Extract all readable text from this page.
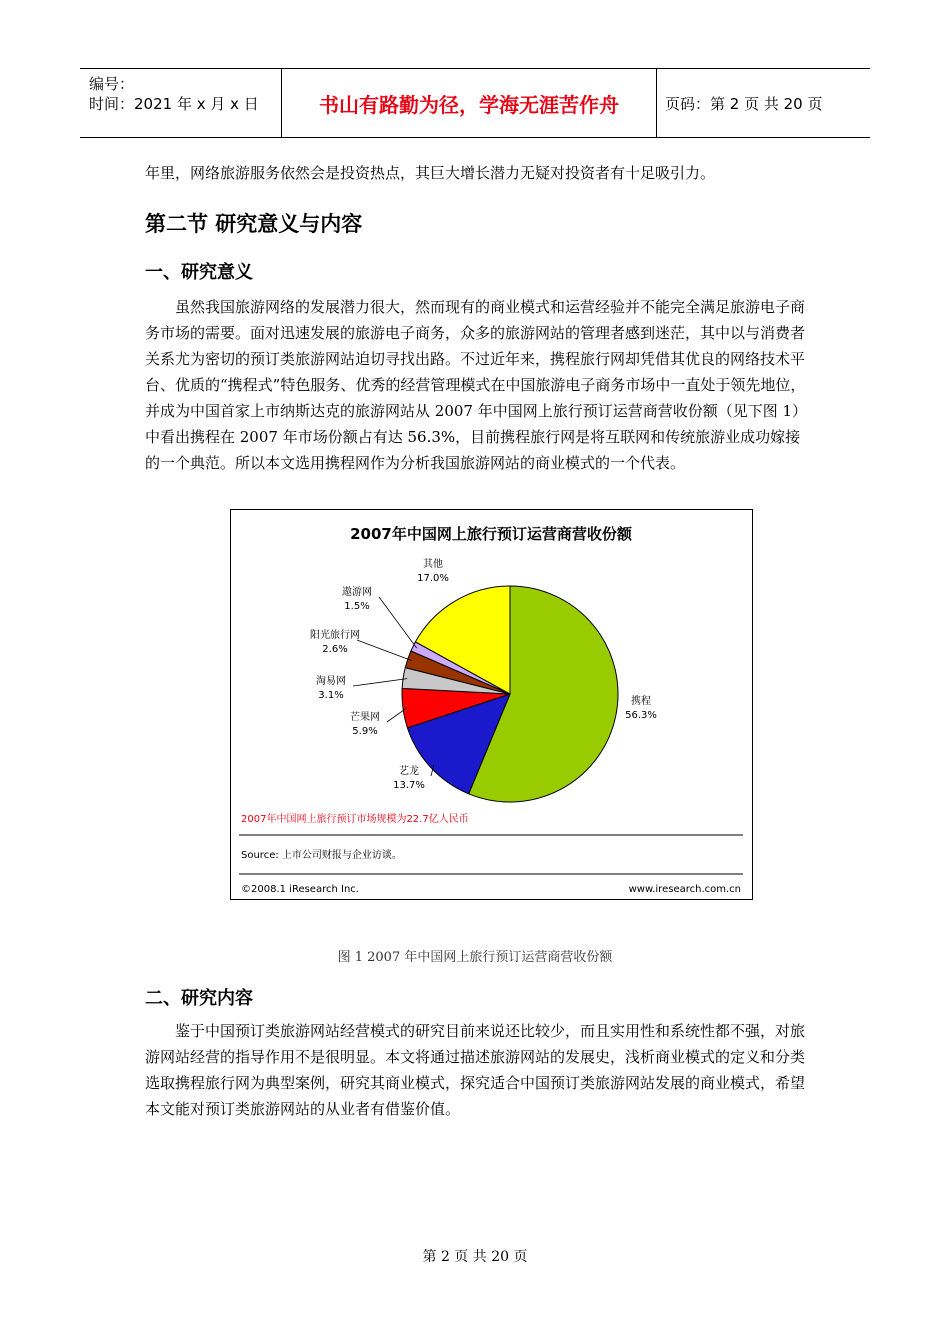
编号：
时间：2021 年 x 月 x 日	书山有路勤为径，学海无涯苦作舟	页码：第 2 页 共 20 页

年里，网络旅游服务依然会是投资热点，其巨大增长潜力无疑对投资者有十足吸引力。

第二节 研究意义与内容
一、研究意义

虽然我国旅游网络的发展潜力很大，然而现有的商业模式和运营经验并不能完全满足旅游电子商务市场的需要。面对迅速发展的旅游电子商务，众多的旅游网站的管理者感到迷茫，其中以与消费者关系尤为密切的预订类旅游网站迫切寻找出路。不过近年来，携程旅行网却凭借其优良的网络技术平台、优质的“携程式”特色服务、优秀的经营管理模式在中国旅游电子商务市场中一直处于领先地位，并成为中国首家上市纳斯达克的旅游网站从 2007 年中国网上旅行预订运营商营收份额（见下图 1）中看出携程在 2007 年市场份额占有达 56.3%，目前携程旅行网是将互联网和传统旅游业成功嫁接的一个典范。所以本文选用携程网作为分析我国旅游网站的商业模式的一个代表。

2007年中国网上旅行预订运营商营收份额
携程
56.3%
艺龙
13.7%
芒果网
5.9%
淘易网
3.1%
阳光旅行网
2.6%
遨游网
1.5%
其他
17.0%
2007年中国网上旅行预订市场规模为22.7亿人民币
Source: 上市公司财报与企业访谈。
©2008.1 iResearch Inc.	www.iresearch.com.cn
图 1 2007 年中国网上旅行预订运营商营收份额
二、研究内容

鉴于中国预订类旅游网站经营模式的研究目前来说还比较少，而且实用性和系统性都不强，对旅游网站经营的指导作用不是很明显。本文将通过描述旅游网站的发展史，浅析商业模式的定义和分类选取携程旅行网为典型案例，研究其商业模式，探究适合中国预订类旅游网站发展的商业模式，希望本文能对预订类旅游网站的从业者有借鉴价值。

第 2 页 共 20 页
